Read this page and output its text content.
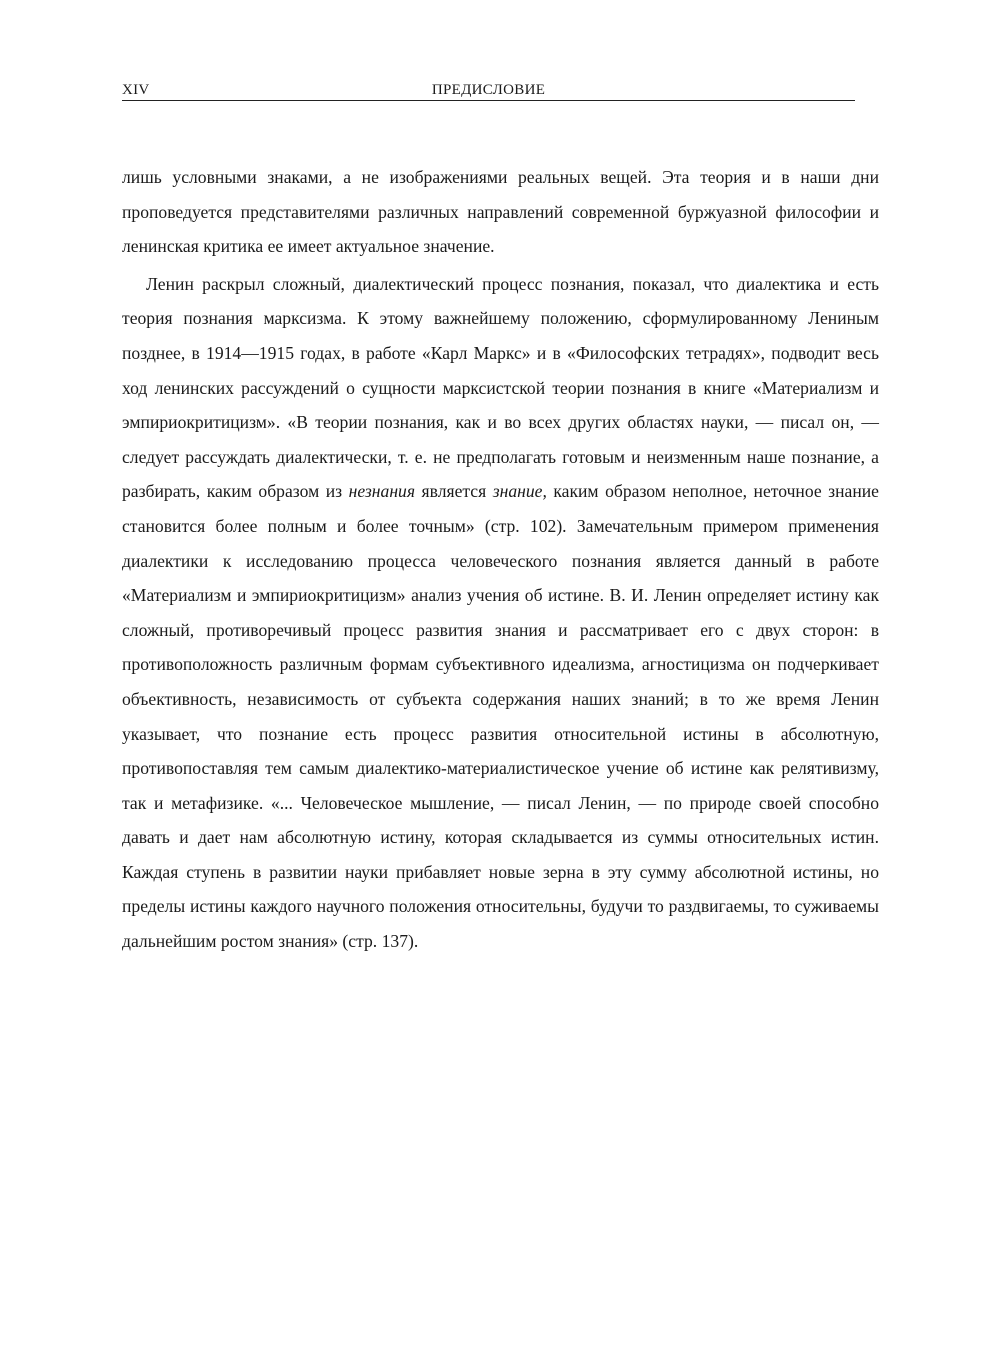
XIV	ПРЕДИСЛОВИЕ

лишь условными знаками, а не изображениями реальных вещей. Эта теория и в наши дни проповедуется представителями различных направлений современной буржуазной философии и ленинская критика ее имеет актуальное значение.

Ленин раскрыл сложный, диалектический процесс познания, показал, что диалектика и есть теория познания марксизма. К этому важнейшему положению, сформулированному Лениным позднее, в 1914—1915 годах, в работе «Карл Маркс» и в «Философских тетрадях», подводит весь ход ленинских рассуждений о сущности марксистской теории познания в книге «Материализм и эмпириокритицизм». «В теории познания, как и во всех других областях науки, — писал он, — следует рассуждать диалектически, т. е. не предполагать готовым и неизменным наше познание, а разбирать, каким образом из незнания является знание, каким образом неполное, неточное знание становится более полным и более точным» (стр. 102). Замечательным примером применения диалектики к исследованию процесса человеческого познания является данный в работе «Материализм и эмпириокритицизм» анализ учения об истине. В. И. Ленин определяет истину как сложный, противоречивый процесс развития знания и рассматривает его с двух сторон: в противоположность различным формам субъективного идеализма, агностицизма он подчеркивает объективность, независимость от субъекта содержания наших знаний; в то же время Ленин указывает, что познание есть процесс развития относительной истины в абсолютную, противопоставляя тем самым диалектико-материалистическое учение об истине как релятивизму, так и метафизике. «... Человеческое мышление, — писал Ленин, — по природе своей способно давать и дает нам абсолютную истину, которая складывается из суммы относительных истин. Каждая ступень в развитии науки прибавляет новые зерна в эту сумму абсолютной истины, но пределы истины каждого научного положения относительны, будучи то раздвигаемы, то суживаемы дальнейшим ростом знания» (стр. 137).
